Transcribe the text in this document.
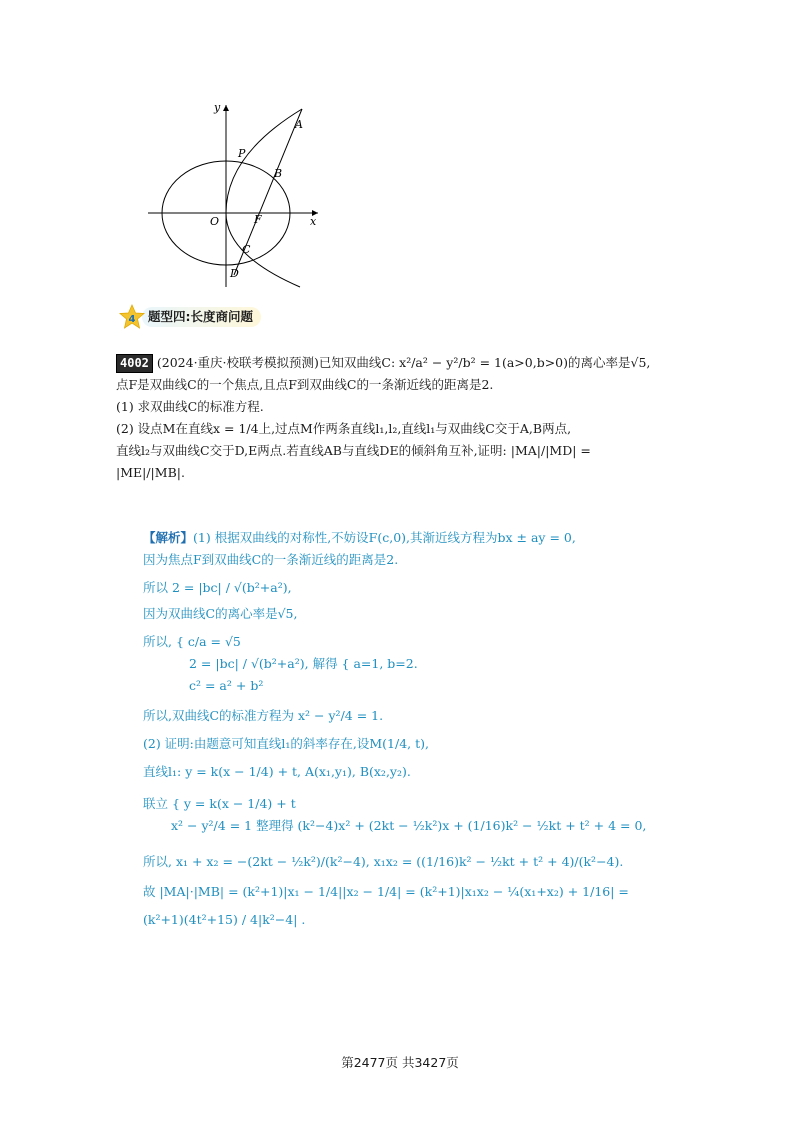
y
x
O	F
P
A
B
C
D
4	题型四:长度商问题
4002 (2024·重庆·校联考模拟预测)已知双曲线C: x²/a² − y²/b² = 1(a>0,b>0)的离心率是√5,
点F是双曲线C的一个焦点,且点F到双曲线C的一条渐近线的距离是2.
(1) 求双曲线C的标准方程.
(2) 设点M在直线x = 1/4上,过点M作两条直线l₁,l₂,直线l₁与双曲线C交于A,B两点,
直线l₂与双曲线C交于D,E两点.若直线AB与直线DE的倾斜角互补,证明: |MA|/|MD| =
|ME|/|MB|.
【解析】(1) 根据双曲线的对称性,不妨设F(c,0),其渐近线方程为bx ± ay = 0,
因为焦点F到双曲线C的一条渐近线的距离是2.
所以 2 = |bc| / √(b²+a²),
因为双曲线C的离心率是√5,
所以, { c/a = √5
2 = |bc| / √(b²+a²), 解得 { a=1, b=2.
c² = a² + b²
所以,双曲线C的标准方程为 x² − y²/4 = 1.
(2) 证明:由题意可知直线l₁的斜率存在,设M(1/4, t),
直线l₁: y = k(x − 1/4) + t, A(x₁,y₁), B(x₂,y₂).
联立 { y = k(x − 1/4) + t
x² − y²/4 = 1 整理得 (k²−4)x² + (2kt − ½k²)x + (1/16)k² − ½kt + t² + 4 = 0,
所以, x₁ + x₂ = −(2kt − ½k²)/(k²−4), x₁x₂ = ((1/16)k² − ½kt + t² + 4)/(k²−4).
故 |MA|·|MB| = (k²+1)|x₁ − 1/4||x₂ − 1/4| = (k²+1)|x₁x₂ − ¼(x₁+x₂) + 1/16| =
(k²+1)(4t²+15) / 4|k²−4| .
第2477页 共3427页
